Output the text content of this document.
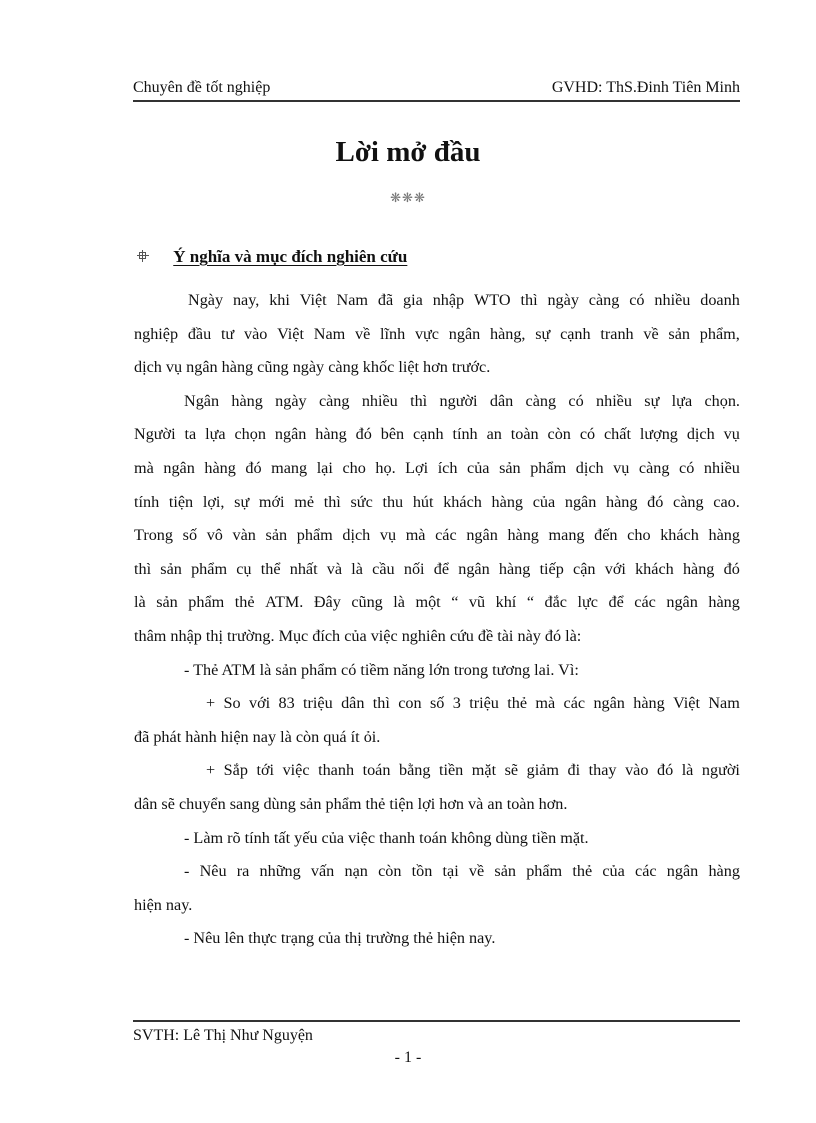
Chuyên đề tốt nghiệp	GVHD: ThS.Đinh Tiên Minh
Lời mở đầu
❋❋❋
Ý nghĩa và mục đích nghiên cứu
Ngày nay, khi Việt Nam đã gia nhập WTO thì ngày càng có nhiều doanh
nghiệp đầu tư vào Việt Nam về lĩnh vực ngân hàng, sự cạnh tranh về sản phẩm,
dịch vụ ngân hàng cũng ngày càng khốc liệt hơn trước.
Ngân hàng ngày càng nhiều thì người dân càng có nhiều sự lựa chọn.
Người ta lựa chọn ngân hàng đó bên cạnh tính an toàn còn có chất lượng dịch vụ
mà ngân hàng đó mang lại cho họ. Lợi ích của sản phẩm dịch vụ càng có nhiều
tính tiện lợi, sự mới mẻ thì sức thu hút khách hàng của ngân hàng đó càng cao.
Trong số vô vàn sản phẩm dịch vụ mà các ngân hàng mang đến cho khách hàng
thì sản phẩm cụ thể nhất và là cầu nối để ngân hàng tiếp cận với khách hàng đó
là sản phẩm thẻ ATM. Đây cũng là một “ vũ khí “ đắc lực để các ngân hàng
thâm nhập thị trường. Mục đích của việc nghiên cứu đề tài này đó là:
- Thẻ ATM là sản phẩm có tiềm năng lớn trong tương lai. Vì:
+ So với 83 triệu dân thì con số 3 triệu thẻ mà các ngân hàng Việt Nam
đã phát hành hiện nay là còn quá ít ỏi.
+ Sắp tới việc thanh toán bằng tiền mặt sẽ giảm đi thay vào đó là người
dân sẽ chuyển sang dùng sản phẩm thẻ tiện lợi hơn và an toàn hơn.
- Làm rõ tính tất yếu của việc thanh toán không dùng tiền mặt.
- Nêu ra những vấn nạn còn tồn tại về sản phẩm thẻ của các ngân hàng
hiện nay.
- Nêu lên thực trạng của thị trường thẻ hiện nay.
SVTH: Lê Thị Như Nguyện
- 1 -
